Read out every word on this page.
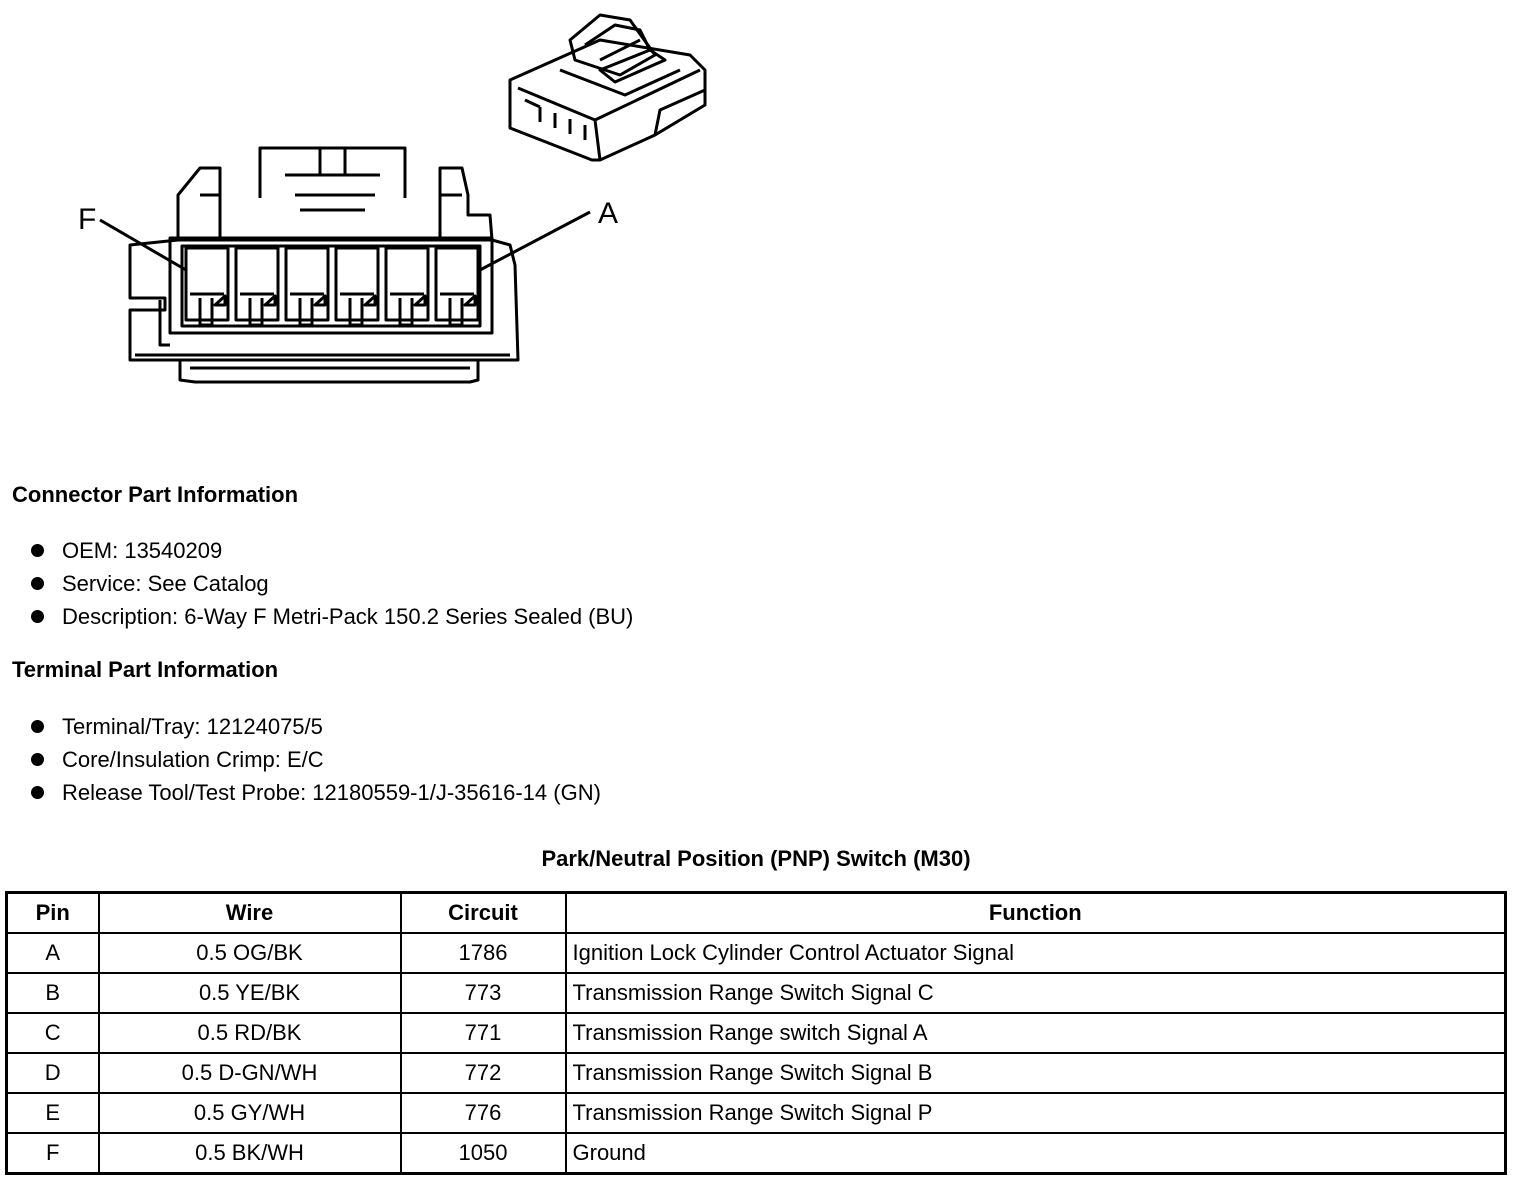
F	A
Connector Part Information
OEM: 13540209
Service: See Catalog
Description: 6-Way F Metri-Pack 150.2 Series Sealed (BU)
Terminal Part Information
Terminal/Tray: 12124075/5
Core/Insulation Crimp: E/C
Release Tool/Test Probe: 12180559-1/J-35616-14 (GN)
Park/Neutral Position (PNP) Switch (M30)
Pin	Wire	Circuit	Function
A	0.5 OG/BK	1786	Ignition Lock Cylinder Control Actuator Signal
B	0.5 YE/BK	773	Transmission Range Switch Signal C
C	0.5 RD/BK	771	Transmission Range switch Signal A
D	0.5 D-GN/WH	772	Transmission Range Switch Signal B
E	0.5 GY/WH	776	Transmission Range Switch Signal P
F	0.5 BK/WH	1050	Ground
